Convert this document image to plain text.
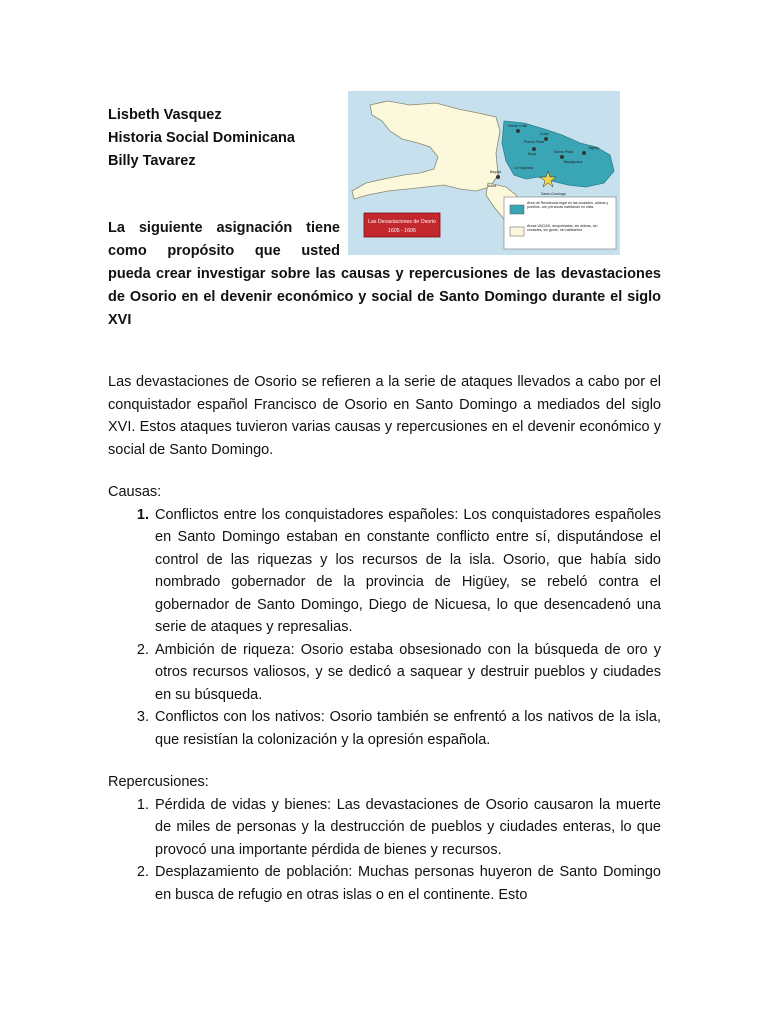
Lisbeth Vasquez
Historia Social Dominicana
Billy Tavarez
Las Devastaciones de Osorio
1605 - 1606
Área de Residencia legal en las ciudades, aldeas y pueblos, con personas habitando en ellas
Áreas VACÍAS, despobladas, sin aldeas, sin ciudades, sin gente, sin habitantes
Monte Cristi
Bayajá
Cotuí
Azua
Santo Domingo
Higüey
Monte Plata
Bayaguana
Boya
Puerto Plata
La Yaguana
La siguiente asignación tiene
como propósito que usted
pueda crear investigar sobre las causas y repercusiones de las devastaciones de Osorio en el devenir económico y social de Santo Domingo durante el siglo XVI

Las devastaciones de Osorio se refieren a la serie de ataques llevados a cabo por el conquistador español Francisco de Osorio en Santo Domingo a mediados del siglo XVI. Estos ataques tuvieron varias causas y repercusiones en el devenir económico y social de Santo Domingo.

Causas:

1. Conflictos entre los conquistadores españoles: Los conquistadores españoles en Santo Domingo estaban en constante conflicto entre sí, disputándose el control de las riquezas y los recursos de la isla. Osorio, que había sido nombrado gobernador de la provincia de Higüey, se rebeló contra el gobernador de Santo Domingo, Diego de Nicuesa, lo que desencadenó una serie de ataques y represalias.
2. Ambición de riqueza: Osorio estaba obsesionado con la búsqueda de oro y otros recursos valiosos, y se dedicó a saquear y destruir pueblos y ciudades en su búsqueda.
3. Conflictos con los nativos: Osorio también se enfrentó a los nativos de la isla, que resistían la colonización y la opresión española.

Repercusiones:

1. Pérdida de vidas y bienes: Las devastaciones de Osorio causaron la muerte de miles de personas y la destrucción de pueblos y ciudades enteras, lo que provocó una importante pérdida de bienes y recursos.
2. Desplazamiento de población: Muchas personas huyeron de Santo Domingo en busca de refugio en otras islas o en el continente. Esto
